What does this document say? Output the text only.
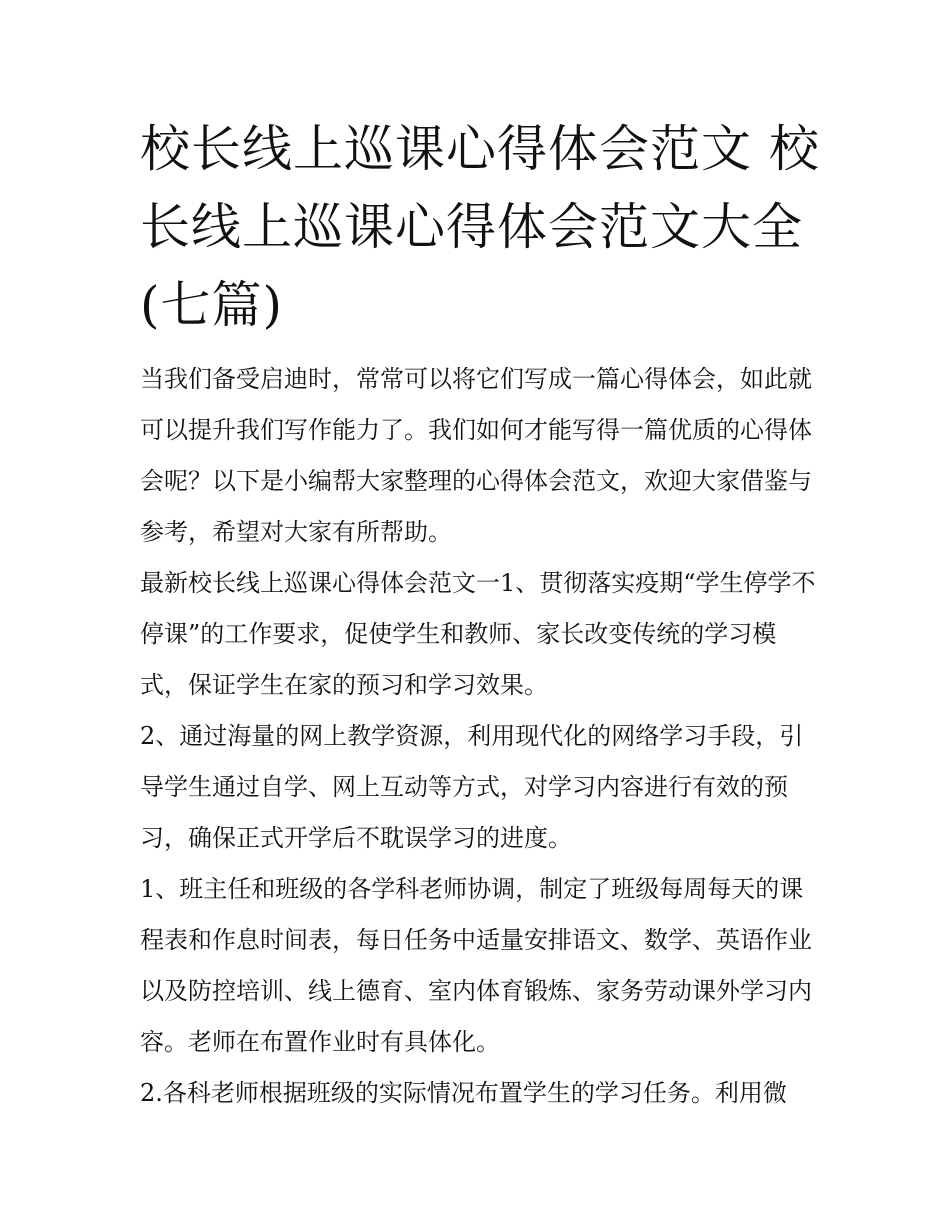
校长线上巡课心得体会范文 校长线上巡课心得体会范文大全(七篇)

当我们备受启迪时，常常可以将它们写成一篇心得体会，如此就可以提升我们写作能力了。我们如何才能写得一篇优质的心得体会呢？以下是小编帮大家整理的心得体会范文，欢迎大家借鉴与参考，希望对大家有所帮助。

最新校长线上巡课心得体会范文一1、贯彻落实疫期“学生停学不停课”的工作要求，促使学生和教师、家长改变传统的学习模式，保证学生在家的预习和学习效果。

2、通过海量的网上教学资源，利用现代化的网络学习手段，引导学生通过自学、网上互动等方式，对学习内容进行有效的预习，确保正式开学后不耽误学习的进度。

1、班主任和班级的各学科老师协调，制定了班级每周每天的课程表和作息时间表，每日任务中适量安排语文、数学、英语作业以及防控培训、线上德育、室内体育锻炼、家务劳动课外学习内容。老师在布置作业时有具体化。

2.各科老师根据班级的实际情况布置学生的学习任务。利用微
